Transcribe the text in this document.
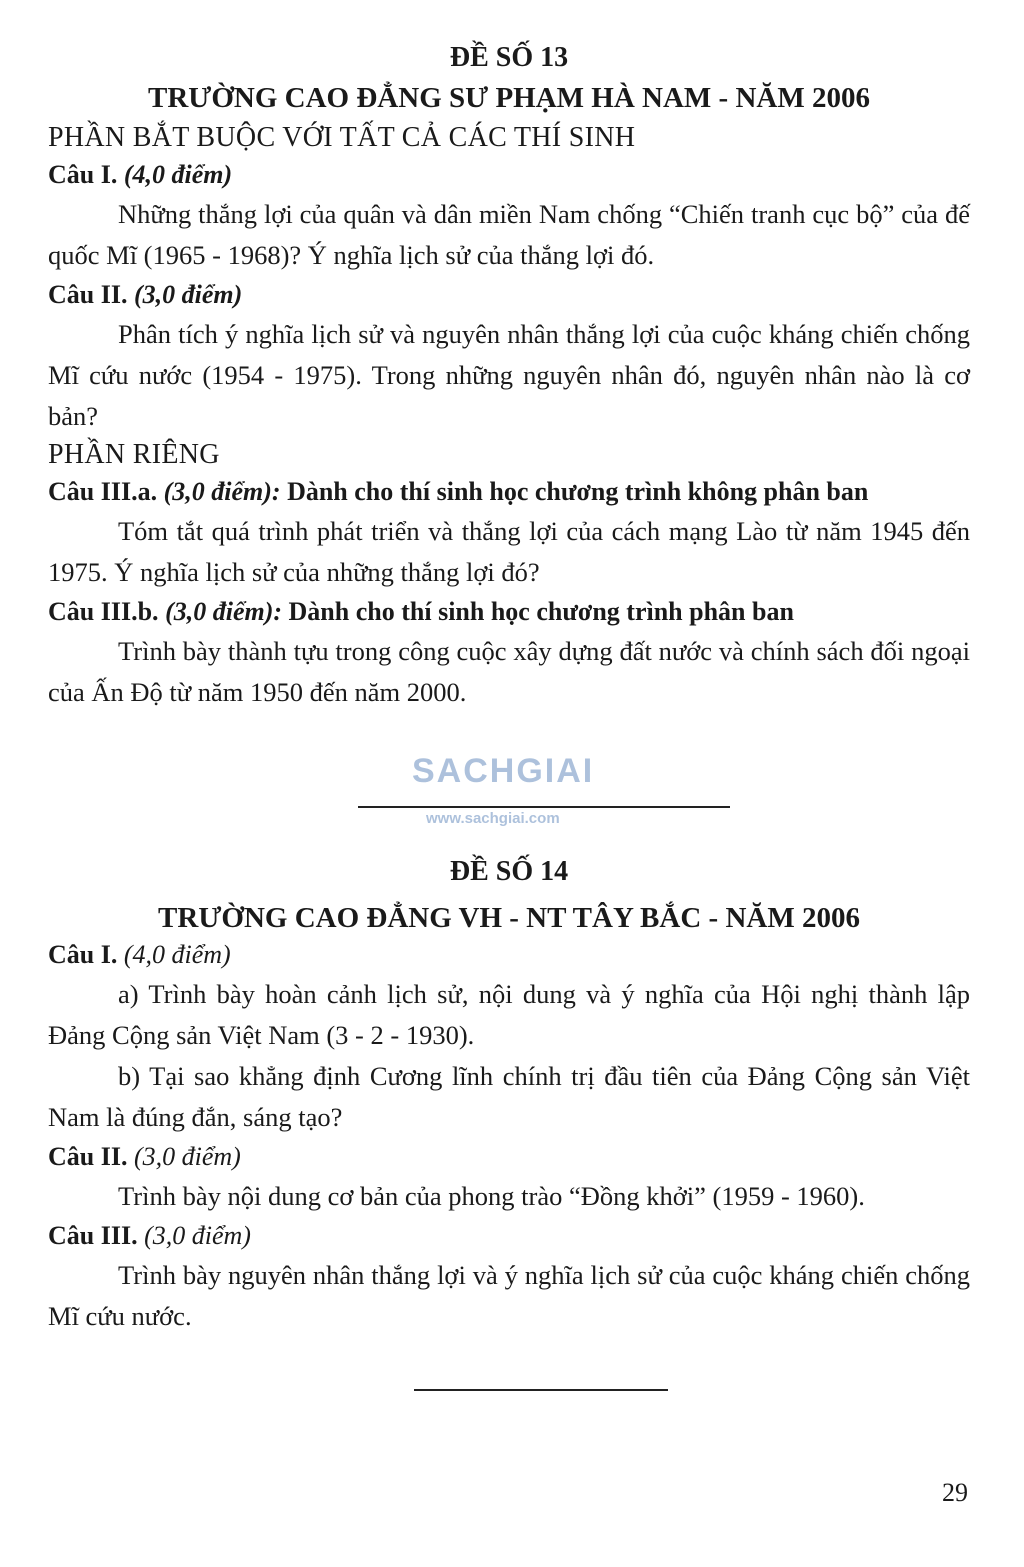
ĐỀ SỐ 13

TRƯỜNG CAO ĐẲNG SƯ PHẠM HÀ NAM - NĂM 2006

PHẦN BẮT BUỘC VỚI TẤT CẢ CÁC THÍ SINH

Câu I. (4,0 điểm)

Những thắng lợi của quân và dân miền Nam chống “Chiến tranh cục bộ” của đế quốc Mĩ (1965 - 1968)? Ý nghĩa lịch sử của thắng lợi đó.

Câu II. (3,0 điểm)

Phân tích ý nghĩa lịch sử và nguyên nhân thắng lợi của cuộc kháng chiến chống Mĩ cứu nước (1954 - 1975). Trong những nguyên nhân đó, nguyên nhân nào là cơ bản?

PHẦN RIÊNG

Câu III.a. (3,0 điểm): Dành cho thí sinh học chương trình không phân ban

Tóm tắt quá trình phát triển và thắng lợi của cách mạng Lào từ năm 1945 đến 1975. Ý nghĩa lịch sử của những thắng lợi đó?

Câu III.b. (3,0 điểm): Dành cho thí sinh học chương trình phân ban

Trình bày thành tựu trong công cuộc xây dựng đất nước và chính sách đối ngoại của Ấn Độ từ năm 1950 đến năm 2000.

SACHGIAI
www.sachgiai.com

ĐỀ SỐ 14

TRƯỜNG CAO ĐẲNG VH - NT TÂY BẮC - NĂM 2006

Câu I. (4,0 điểm)

a) Trình bày hoàn cảnh lịch sử, nội dung và ý nghĩa của Hội nghị thành lập Đảng Cộng sản Việt Nam (3 - 2 - 1930).

b) Tại sao khẳng định Cương lĩnh chính trị đầu tiên của Đảng Cộng sản Việt Nam là đúng đắn, sáng tạo?

Câu II. (3,0 điểm)

Trình bày nội dung cơ bản của phong trào “Đồng khởi” (1959 - 1960).

Câu III. (3,0 điểm)

Trình bày nguyên nhân thắng lợi và ý nghĩa lịch sử của cuộc kháng chiến chống Mĩ cứu nước.

29
